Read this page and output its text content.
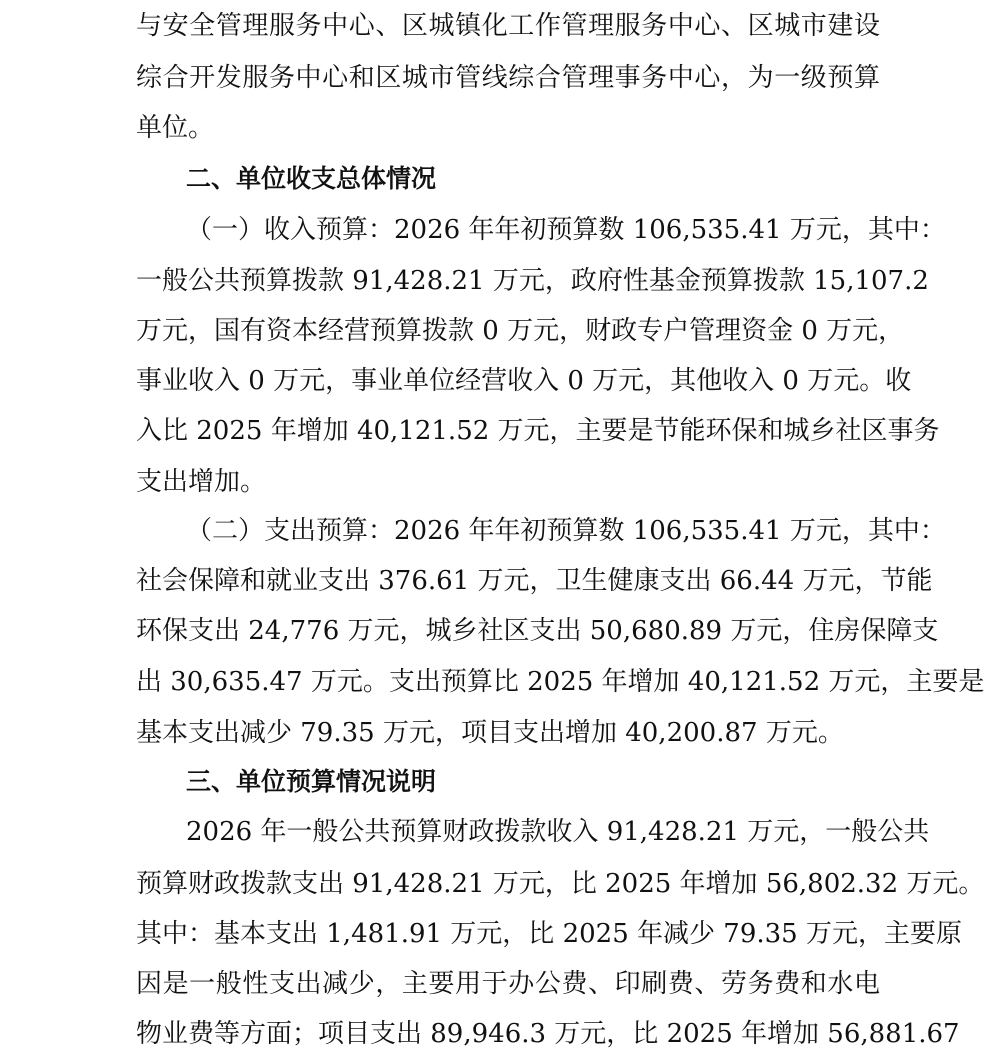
与安全管理服务中心、区城镇化工作管理服务中心、区城市建设
综合开发服务中心和区城市管线综合管理事务中心，为一级预算
单位。
二、单位收支总体情况
（一）收入预算：2026 年年初预算数 106,535.41 万元，其中：
一般公共预算拨款 91,428.21 万元，政府性基金预算拨款 15,107.2
万元，国有资本经营预算拨款 0 万元，财政专户管理资金 0 万元，
事业收入 0 万元，事业单位经营收入 0 万元，其他收入 0 万元。收
入比 2025 年增加 40,121.52 万元，主要是节能环保和城乡社区事务
支出增加。
（二）支出预算：2026 年年初预算数 106,535.41 万元，其中：
社会保障和就业支出 376.61 万元，卫生健康支出 66.44 万元，节能
环保支出 24,776 万元，城乡社区支出 50,680.89 万元，住房保障支
出 30,635.47 万元。支出预算比 2025 年增加 40,121.52 万元，主要是
基本支出减少 79.35 万元，项目支出增加 40,200.87 万元。
三、单位预算情况说明
2026 年一般公共预算财政拨款收入 91,428.21 万元，一般公共
预算财政拨款支出 91,428.21 万元，比 2025 年增加 56,802.32 万元。
其中：基本支出 1,481.91 万元，比 2025 年减少 79.35 万元，主要原
因是一般性支出减少，主要用于办公费、印刷费、劳务费和水电
物业费等方面；项目支出 89,946.3 万元，比 2025 年增加 56,881.67
